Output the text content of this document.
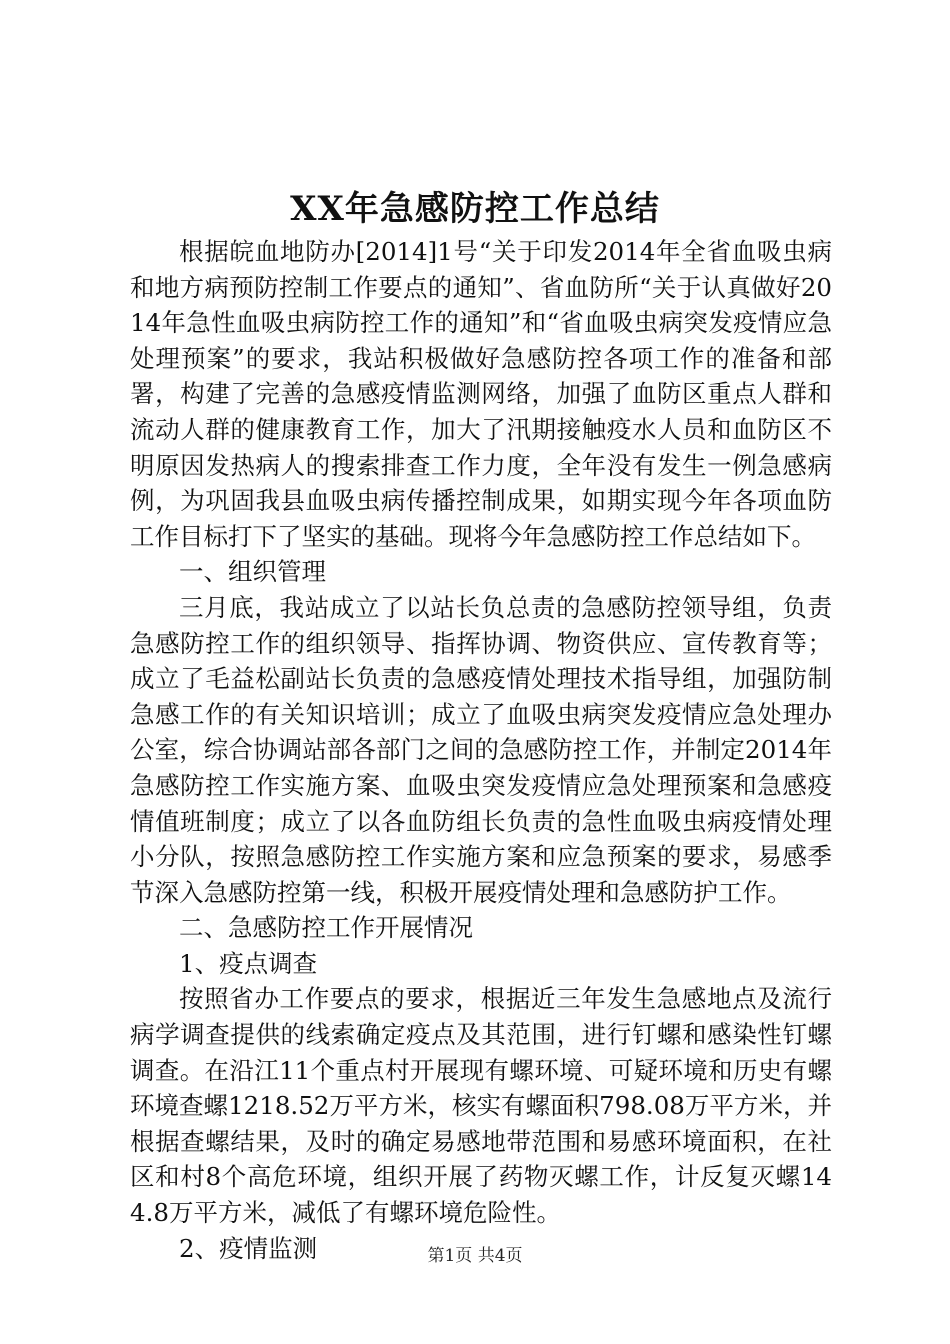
XX年急感防控工作总结

根据皖血地防办[2014]1号“关于印发2014年全省血吸虫病和地方病预防控制工作要点的通知”、省血防所“关于认真做好2014年急性血吸虫病防控工作的通知”和“省血吸虫病突发疫情应急处理预案”的要求，我站积极做好急感防控各项工作的准备和部署，构建了完善的急感疫情监测网络，加强了血防区重点人群和流动人群的健康教育工作，加大了汛期接触疫水人员和血防区不明原因发热病人的搜索排查工作力度，全年没有发生一例急感病例，为巩固我县血吸虫病传播控制成果，如期实现今年各项血防工作目标打下了坚实的基础。现将今年急感防控工作总结如下。

一、组织管理

三月底，我站成立了以站长负总责的急感防控领导组，负责急感防控工作的组织领导、指挥协调、物资供应、宣传教育等；成立了毛益松副站长负责的急感疫情处理技术指导组，加强防制急感工作的有关知识培训；成立了血吸虫病突发疫情应急处理办公室，综合协调站部各部门之间的急感防控工作，并制定2014年急感防控工作实施方案、血吸虫突发疫情应急处理预案和急感疫情值班制度；成立了以各血防组长负责的急性血吸虫病疫情处理小分队，按照急感防控工作实施方案和应急预案的要求，易感季节深入急感防控第一线，积极开展疫情处理和急感防护工作。

二、急感防控工作开展情况

1、疫点调查

按照省办工作要点的要求，根据近三年发生急感地点及流行病学调查提供的线索确定疫点及其范围，进行钉螺和感染性钉螺调查。在沿江11个重点村开展现有螺环境、可疑环境和历史有螺环境查螺1218.52万平方米，核实有螺面积798.08万平方米，并根据查螺结果，及时的确定易感地带范围和易感环境面积，在社区和村8个高危环境，组织开展了药物灭螺工作，计反复灭螺144.8万平方米，减低了有螺环境危险性。

2、疫情监测	第1页 共4页
